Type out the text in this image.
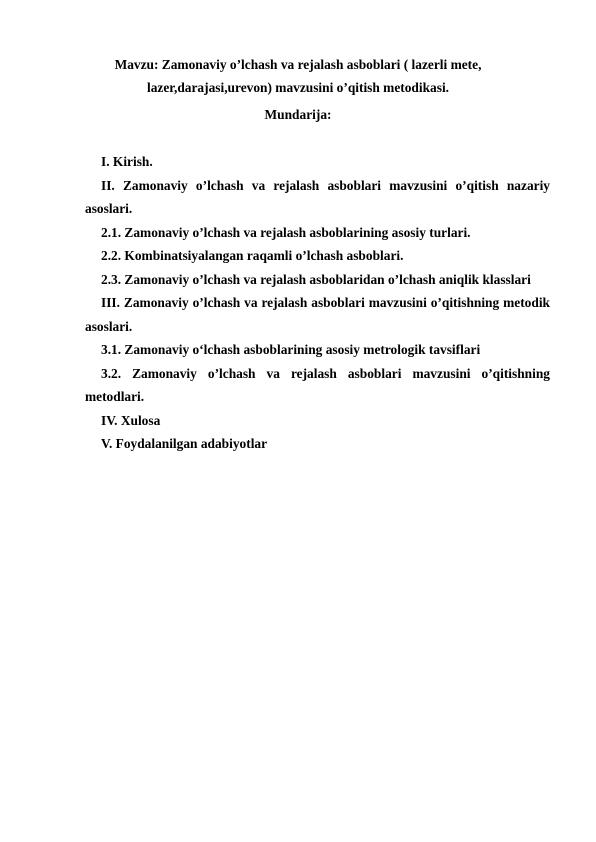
Mavzu: Zamonaviy o’lchash va rejalash asboblari ( lazerli mete,
lazer,darajasi,urevon) mavzusini o’qitish metodikasi.
Mundarija:
I. Kirish.
II. Zamonaviy o’lchash va rejalash asboblari mavzusini o’qitish nazariy asoslari.
2.1. Zamonaviy o’lchash va rejalash asboblarining asosiy turlari.
2.2. Kombinatsiyalangan raqamli o’lchash asboblari.
2.3. Zamonaviy o’lchash va rejalash asboblaridan o’lchash aniqlik klasslari
III. Zamonaviy o’lchash va rejalash asboblari mavzusini o’qitishning metodik asoslari.
3.1. Zamonaviy o‘lchash asboblarining asosiy metrologik tavsiflari
3.2. Zamonaviy o’lchash va rejalash asboblari mavzusini o’qitishning metodlari.
IV. Xulosa
V. Foydalanilgan adabiyotlar
